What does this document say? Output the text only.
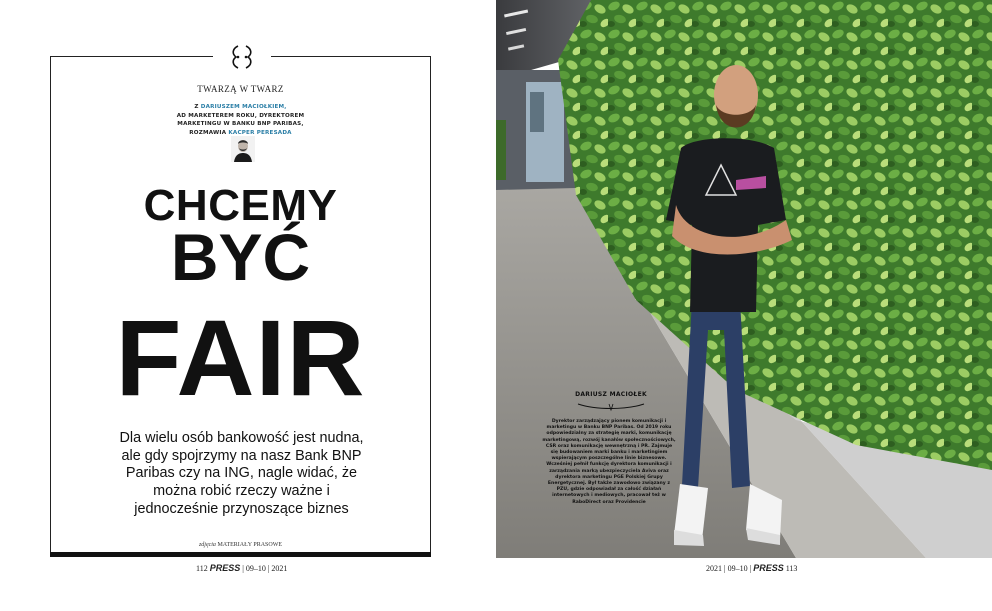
TWARZĄ W TWARZ
Z DARIUSZEM MACIOŁKIEM,
AD MARKETEREM ROKU, DYREKTOREM
MARKETINGU W BANKU BNP PARIBAS,
ROZMAWIA KACPER PERESADA
CHCEMY
BYĆ
FAIR
Dla wielu osób bankowość jest nudna, ale gdy spojrzymy na nasz Bank BNP Paribas czy na ING, nagle widać, że można robić rzeczy ważne i jednocześnie przynoszące biznes
zdjęcia MATERIAŁY PRASOWE
112 PRESS | 09–10 | 2021
DARIUSZ MACIOŁEK
Dyrektor zarządzający pionem komunikacji i marketingu w Banku BNP Paribas. Od 2019 roku odpowiedzialny za strategię marki, komunikację marketingową, rozwój kanałów społecznościowych, CSR oraz komunikację wewnętrzną i PR. Zajmuje się budowaniem marki banku i marketingiem wspierającym poszczególne linie biznesowe. Wcześniej pełnił funkcję dyrektora komunikacji i zarządzania marką ubezpieczyciela Aviva oraz dyrektora marketingu PGE Polskiej Grupy Energetycznej. Był także zawodowo związany z PZU, gdzie odpowiadał za całość działań internetowych i mediowych, pracował też w RaboDirect oraz Providencie
2021 | 09–10 | PRESS 113
